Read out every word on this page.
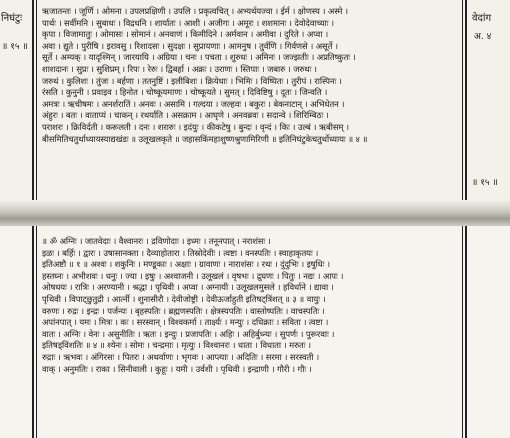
निघंटुः
॥ १५ ॥
वेदांग
अ. ४
॥ १५ ॥
ऋजातन्तः । जूर्णि । ओमना । उपलप्रक्षिणी । उपलि । प्रकृत्वचित् । अभ्यर्थयज्वा । ईर्म । क्षोणस्य । अस्मे ।
पार्थः । सर्वीमनि । सुबाधः । विद्रधनि । शार्यातः । आशी । अजीगः । अमूरः । शशमानः । देवोदेवाच्याः ।
कृपा । विजामातुः । ओमासः । सोमानं । अनवाणं । किमीदिने । अर्मवान । अमीवा । दुरिते । अप्वा ।
अवा । द्युते । पुरीषि । इरावसु । रिशादसः । सुदक्षः । सुप्रायणाः । आमनुष । तुर्वणि । गिर्वणसे । असूर्ते ।
सूर्ते । अम्यक् । यादृश्मिन् । जारयायि । अग्रिया । चनः । पचता । शुरुधः । अमिनः । जज्झतीः । अप्रतिष्कुतः ।
शाशदानः । सुप्रः । सुशिप्रम् । रिपः । रेरुः । द्विबर्हा । अक्रः । उराणः । स्तिपाः । जबारु । जरुथः ।
जरुथं । कुलिशः । तुंजः । बर्हणा । ततनुष्टिं । इलीबिशः । क्रियेधाः । भिमिः । विष्पितः । तुरीपं । रास्पिनः ।
रंसति । कुनुनी । प्रवाइव । हिनोत । चोष्कूयमाणः । चोष्कूयते । सुमत् । दिविष्टिषु । दूतः । जिन्वति ।
अमत्रः । ऋचीषमः । अनर्शरातिं । अनवः । असामि । गल्दया । जल्हवः । बकुरः । बेकनाटान् । अभिधेतन ।
अंहुरः । बतः । वाताप्यं । चाकन् । रथर्याति । असक्राम । आघृणे । अनवब्रवः । सदान्वे । शिरिम्बिठः ।
पराशरः । क्रिविर्दती । करूलती । दनः । शरारुः । इदंयुः । कीकटेषु । बुन्दः । वृन्दं । किः । उल्बं । ऋबीसम् ।
बीसमितिचतुर्थाध्यायस्याद्यखंडः ॥ उलूखलकृते ॥ जहासकिंमहाशुष्णश्रुणामिरिणी ॥ इतिनिघंटुकेचतुर्थोध्यायः ॥ ४ ॥
॥ ॐ अग्निः । जातवेदाः । वैश्वानरः । द्रविणोदाः । इध्मः । तनूनपात् । नराशंसः ।
इळः । बर्हिः । द्वारः । उषासानक्ता । दैव्याहोतारा । तिस्रोदेवीः । त्वष्टा । वनस्पतिः । स्वाहाकृतयः ।
इतिअष्टौ ॥ १ ॥ अश्वः । शकुनिः । मण्डूकाः । अक्षाः । ग्रावाणः । नाराशंसः । रथः । दुंदुभिः । इषुधिः ।
हस्तघ्नः । अभीशवः । धनुः । ज्या । इषुः । अश्वाजनी । उलूखलं । वृषभः । द्रुघणः । पितुः । नद्यः । आपः ।
ओषधयः । रात्रिः । अरण्यानी । श्रद्धा । पृथिवी । अप्वा । अग्नायी । उलूखलमुसले । हविर्धाने । द्यावा ।
पृथिवी । विपाट्छुतुद्री । आर्त्नी । शुनासीरौ । देवीजोष्ट्री । देवीऊर्जाहुती इतिषट्त्रिंशत् ॥ ३ ॥ वायुः ।
वरुणः । रुद्रः । इन्द्रः । पर्जन्यः । बृहस्पतिः । ब्रह्मणस्पतिः । क्षेत्रस्यपतिः । वास्तोष्पतिः । वाचस्पतिः ।
अपांनपात् । यमः । मित्रः । कः । सरस्वान् । विश्वकर्मा । तार्क्ष्यः । मन्युः । दधिक्राः । सविता । त्वष्टा ।
वातः । अग्निः । वेनः । असुनीतिः । ऋतः । इन्दुः । प्रजापतिः । अहिः । अहिर्बुध्न्यः । सुपर्णः । पुरूरवाः ।
इतिषड्विंशतिः ॥ ४ ॥ श्येनः । सोमः । चन्द्रमाः । मृत्युः । विश्वानरः । धाता । विधाता । मरुतः ।
रुद्राः । ऋभवः । अंगिरसः । पितरः । अथर्वाणः । भृगवः । आप्त्याः । अदितिः । सरमा । सरस्वती ।
वाक् । अनुमतिः । राका । सिनीवाली । कुहूः । यमी । उर्वशी । पृथिवी । इन्द्राणी । गौरी । गौः ।
